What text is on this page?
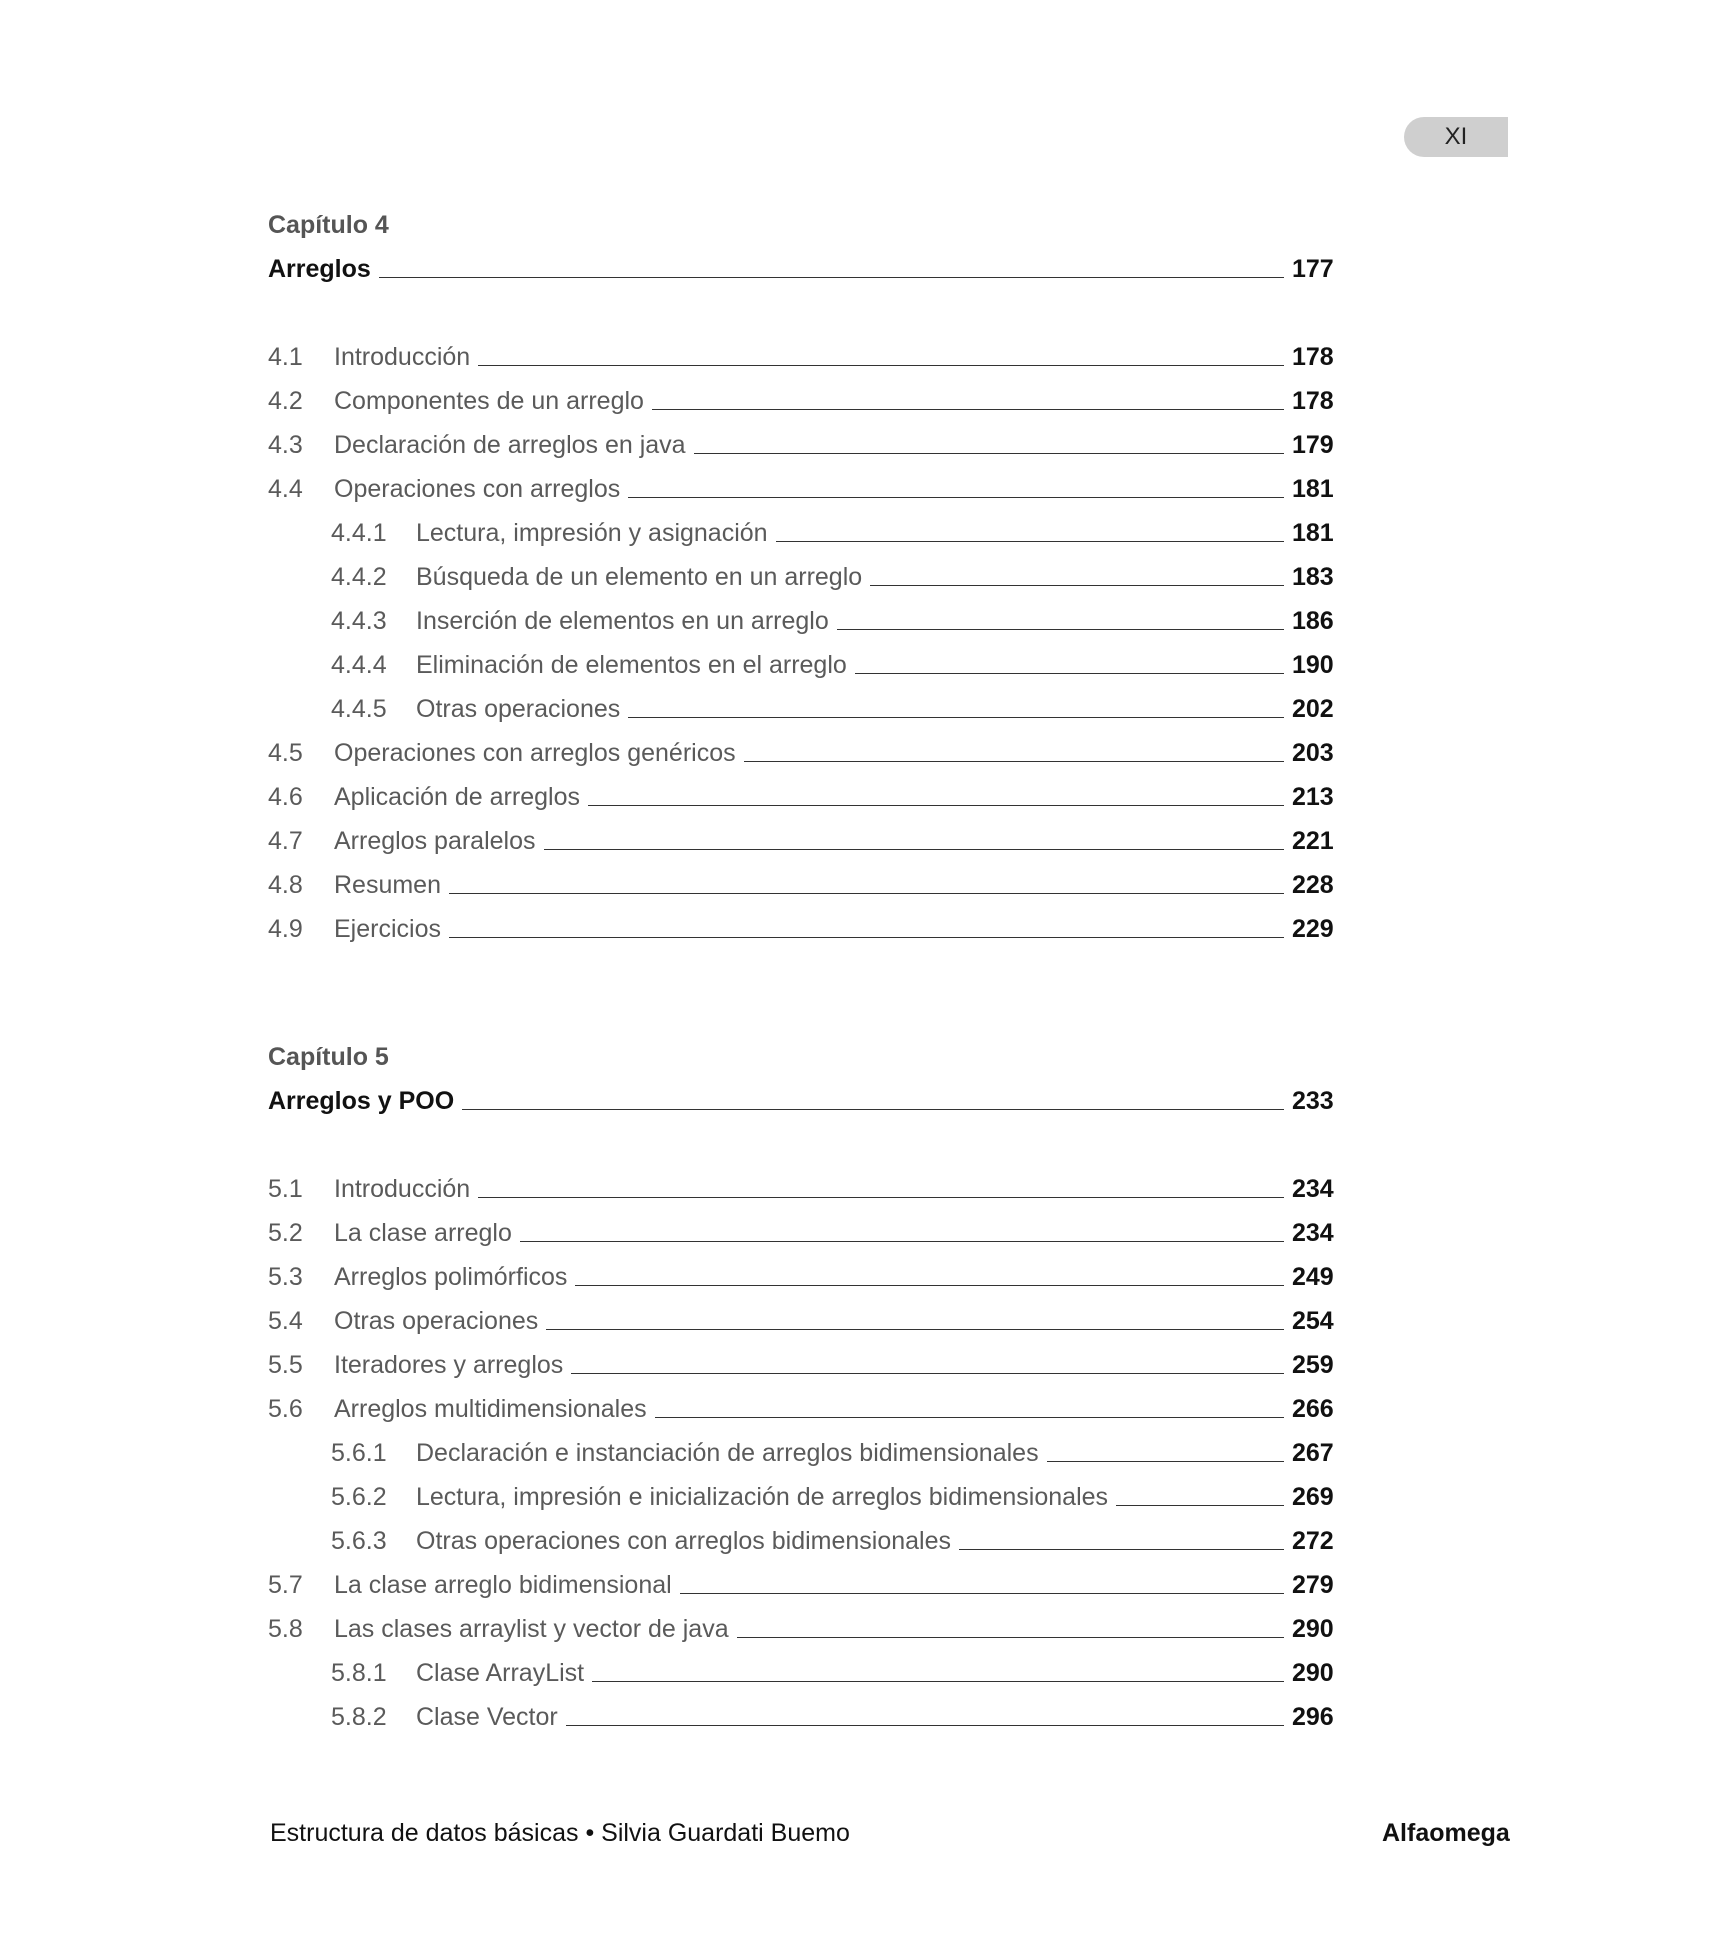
XI
Capítulo 4
Arreglos	177
4.1 Introducción	178
4.2 Componentes de un arreglo	178
4.3 Declaración de arreglos en java	179
4.4 Operaciones con arreglos	181
4.4.1 Lectura, impresión y asignación	181
4.4.2 Búsqueda de un elemento en un arreglo	183
4.4.3 Inserción de elementos en un arreglo	186
4.4.4 Eliminación de elementos en el arreglo	190
4.4.5 Otras operaciones	202
4.5 Operaciones con arreglos genéricos	203
4.6 Aplicación de arreglos	213
4.7 Arreglos paralelos	221
4.8 Resumen	228
4.9 Ejercicios	229
Capítulo 5
Arreglos y POO	233
5.1 Introducción	234
5.2 La clase arreglo	234
5.3 Arreglos polimórficos	249
5.4 Otras operaciones	254
5.5 Iteradores y arreglos	259
5.6 Arreglos multidimensionales	266
5.6.1 Declaración e instanciación de arreglos bidimensionales	267
5.6.2 Lectura, impresión e inicialización de arreglos bidimensionales	269
5.6.3 Otras operaciones con arreglos bidimensionales	272
5.7 La clase arreglo bidimensional	279
5.8 Las clases arraylist y vector de java	290
5.8.1 Clase ArrayList	290
5.8.2 Clase Vector	296
Estructura de datos básicas • Silvia Guardati Buemo	Alfaomega
